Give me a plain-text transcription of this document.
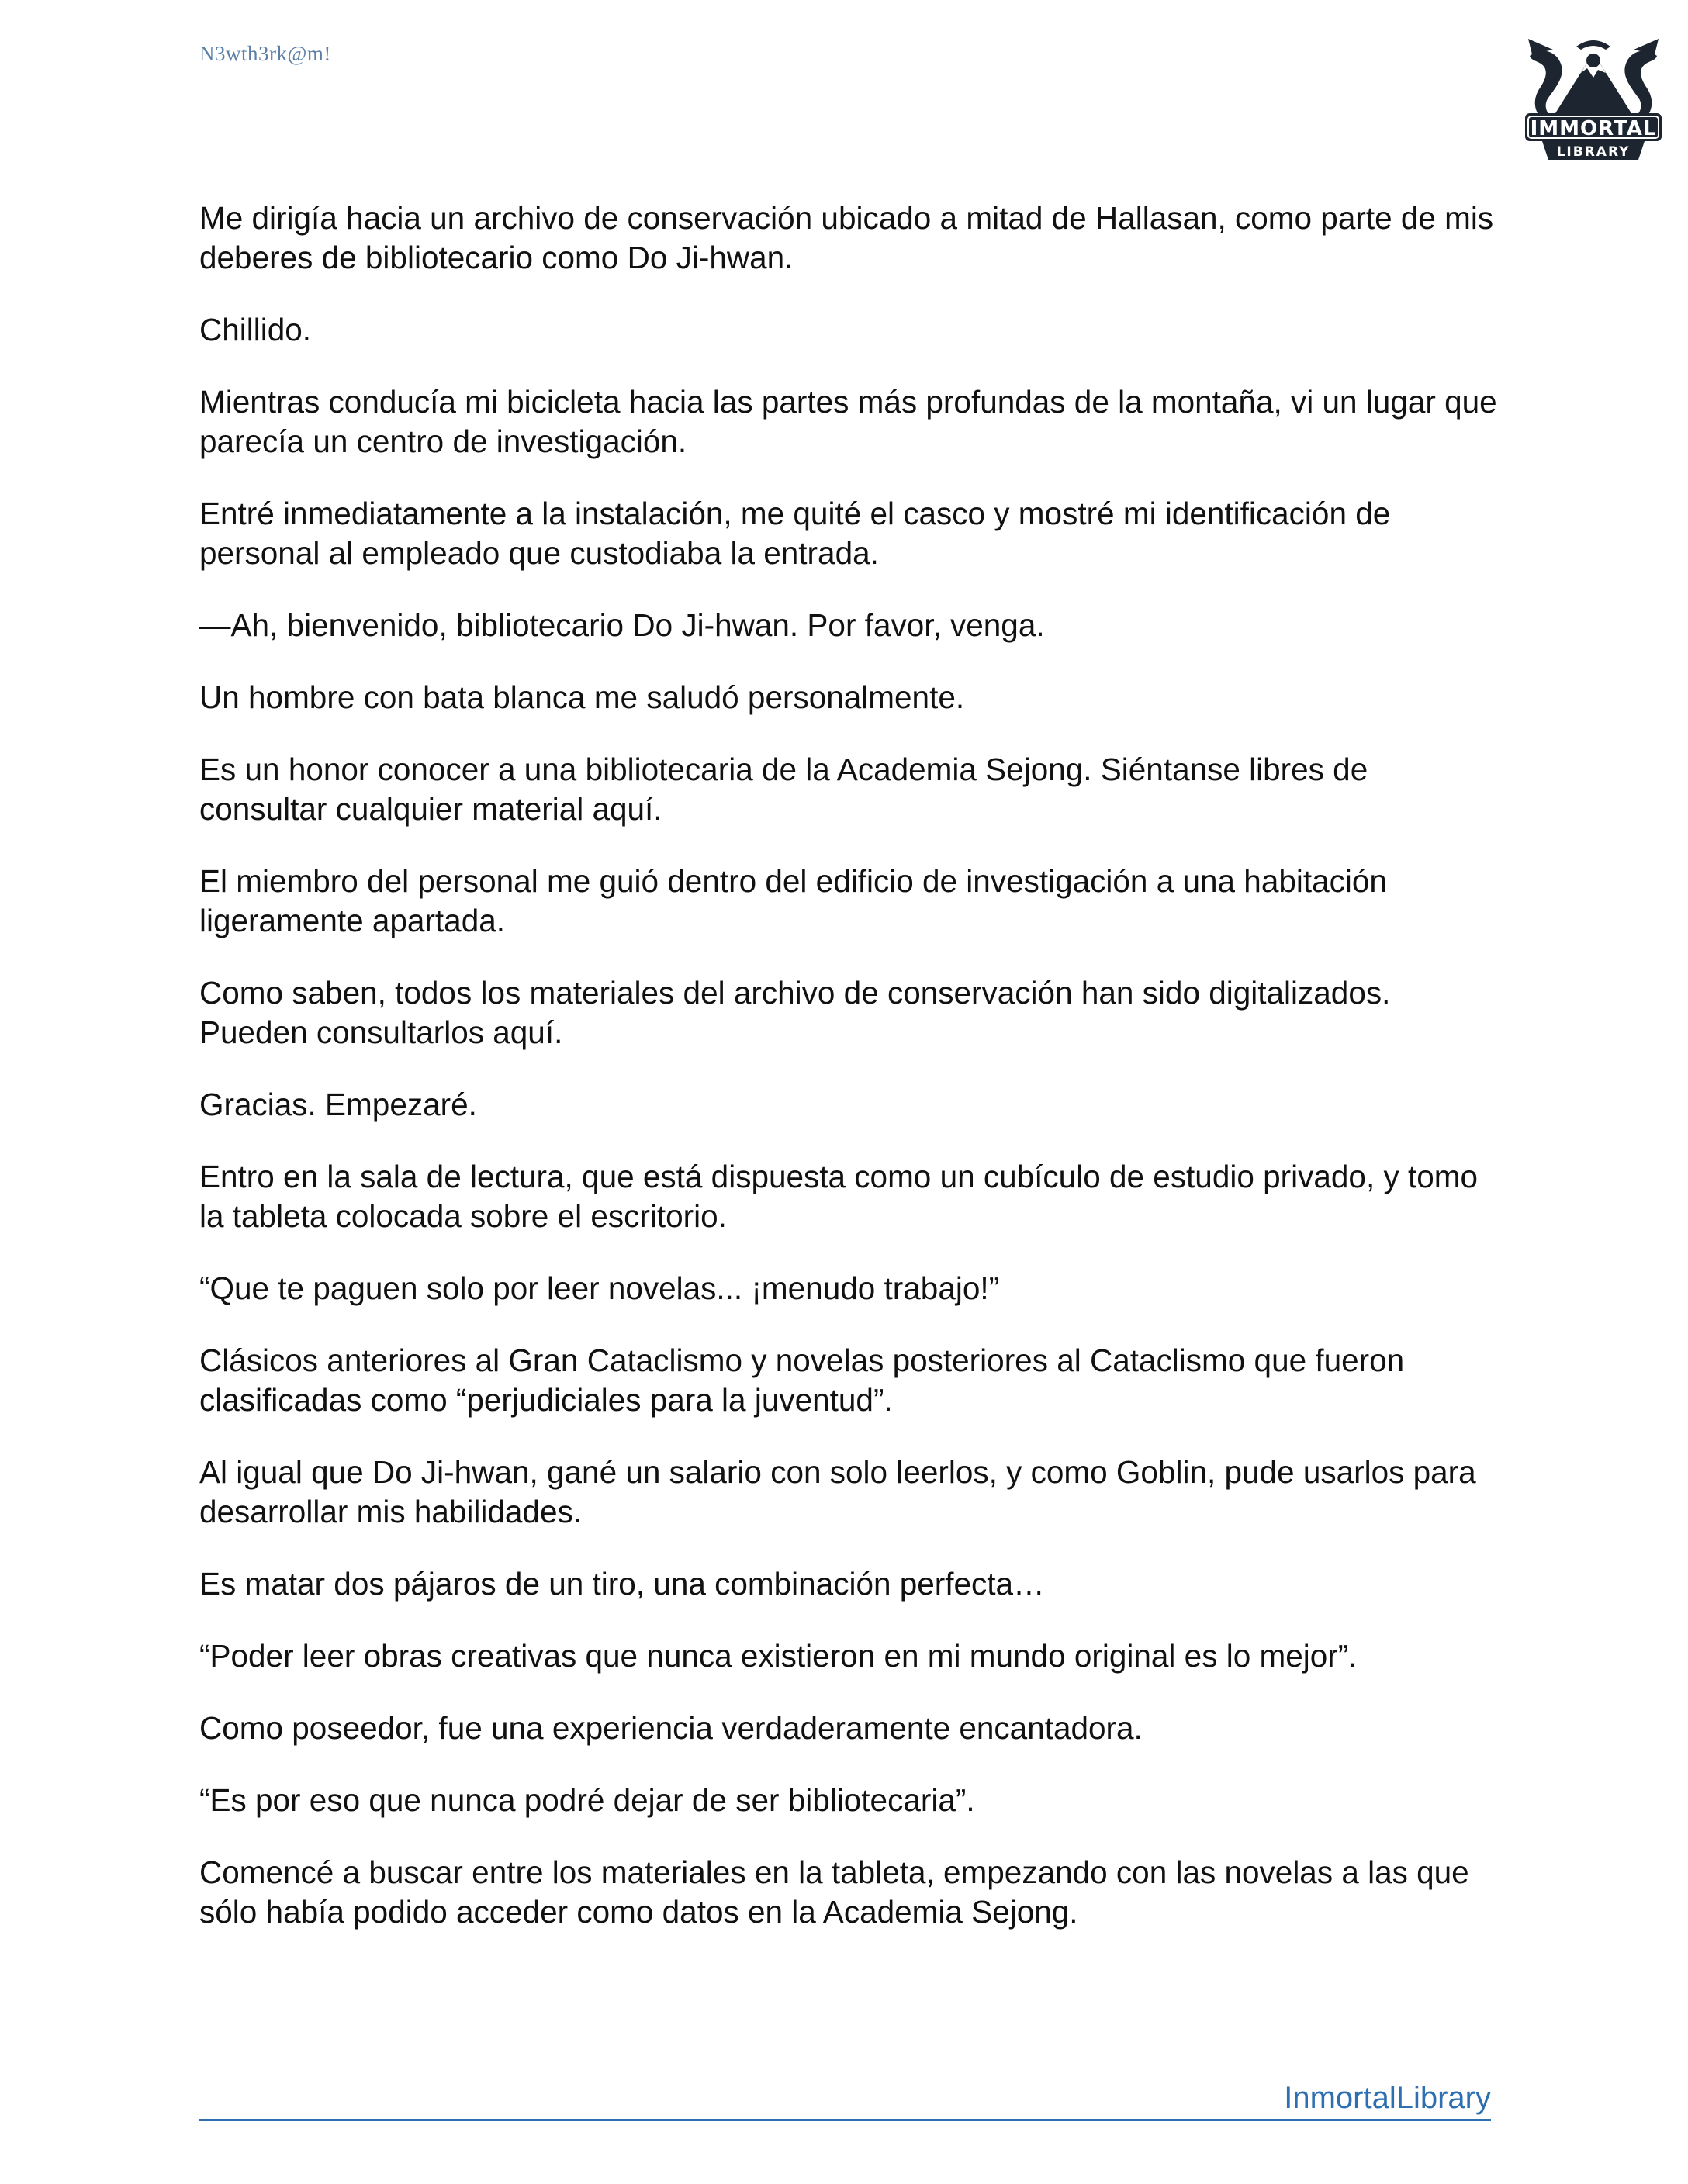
N3wth3rk@m!
IMMORTAL
LIBRARY

Me dirigía hacia un archivo de conservación ubicado a mitad de Hallasan, como parte de mis deberes de bibliotecario como Do Ji-hwan.

Chillido.

Mientras conducía mi bicicleta hacia las partes más profundas de la montaña, vi un lugar que parecía un centro de investigación.

Entré inmediatamente a la instalación, me quité el casco y mostré mi identificación de personal al empleado que custodiaba la entrada.

—Ah, bienvenido, bibliotecario Do Ji-hwan. Por favor, venga.

Un hombre con bata blanca me saludó personalmente.

Es un honor conocer a una bibliotecaria de la Academia Sejong. Siéntanse libres de consultar cualquier material aquí.

El miembro del personal me guió dentro del edificio de investigación a una habitación ligeramente apartada.

Como saben, todos los materiales del archivo de conservación han sido digitalizados. Pueden consultarlos aquí.

Gracias. Empezaré.

Entro en la sala de lectura, que está dispuesta como un cubículo de estudio privado, y tomo la tableta colocada sobre el escritorio.

“Que te paguen solo por leer novelas... ¡menudo trabajo!”

Clásicos anteriores al Gran Cataclismo y novelas posteriores al Cataclismo que fueron clasificadas como “perjudiciales para la juventud”.

Al igual que Do Ji-hwan, gané un salario con solo leerlos, y como Goblin, pude usarlos para desarrollar mis habilidades.

Es matar dos pájaros de un tiro, una combinación perfecta…

“Poder leer obras creativas que nunca existieron en mi mundo original es lo mejor”.

Como poseedor, fue una experiencia verdaderamente encantadora.

“Es por eso que nunca podré dejar de ser bibliotecaria”.

Comencé a buscar entre los materiales en la tableta, empezando con las novelas a las que sólo había podido acceder como datos en la Academia Sejong.

InmortalLibrary
